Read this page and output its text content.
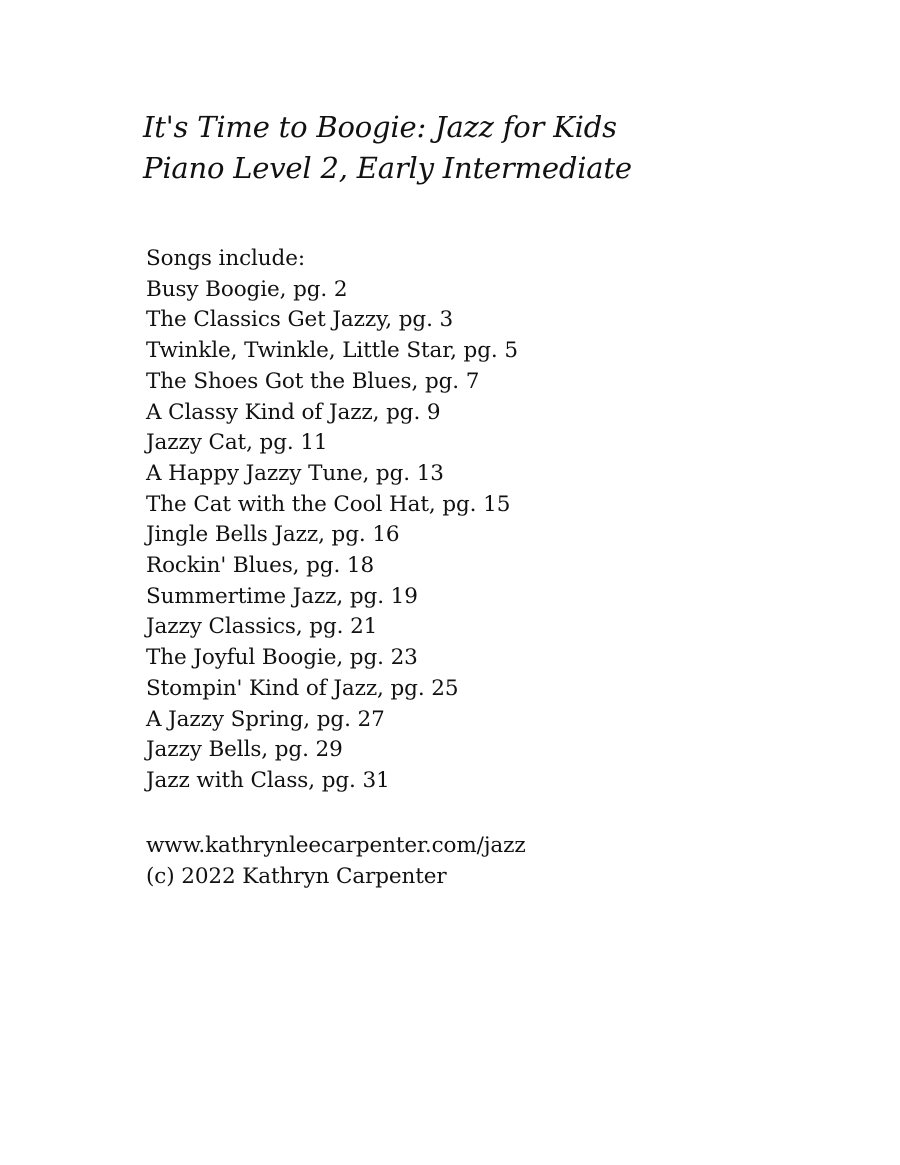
It's Time to Boogie: Jazz for Kids
Piano Level 2, Early Intermediate
Songs include:
Busy Boogie, pg. 2
The Classics Get Jazzy, pg. 3
Twinkle, Twinkle, Little Star, pg. 5
The Shoes Got the Blues, pg. 7
A Classy Kind of Jazz, pg. 9
Jazzy Cat, pg. 11
A Happy Jazzy Tune, pg. 13
The Cat with the Cool Hat, pg. 15
Jingle Bells Jazz, pg. 16
Rockin' Blues, pg. 18
Summertime Jazz, pg. 19
Jazzy Classics, pg. 21
The Joyful Boogie, pg. 23
Stompin' Kind of Jazz, pg. 25
A Jazzy Spring, pg. 27
Jazzy Bells, pg. 29
Jazz with Class, pg. 31
www.kathrynleecarpenter.com/jazz
(c) 2022 Kathryn Carpenter
